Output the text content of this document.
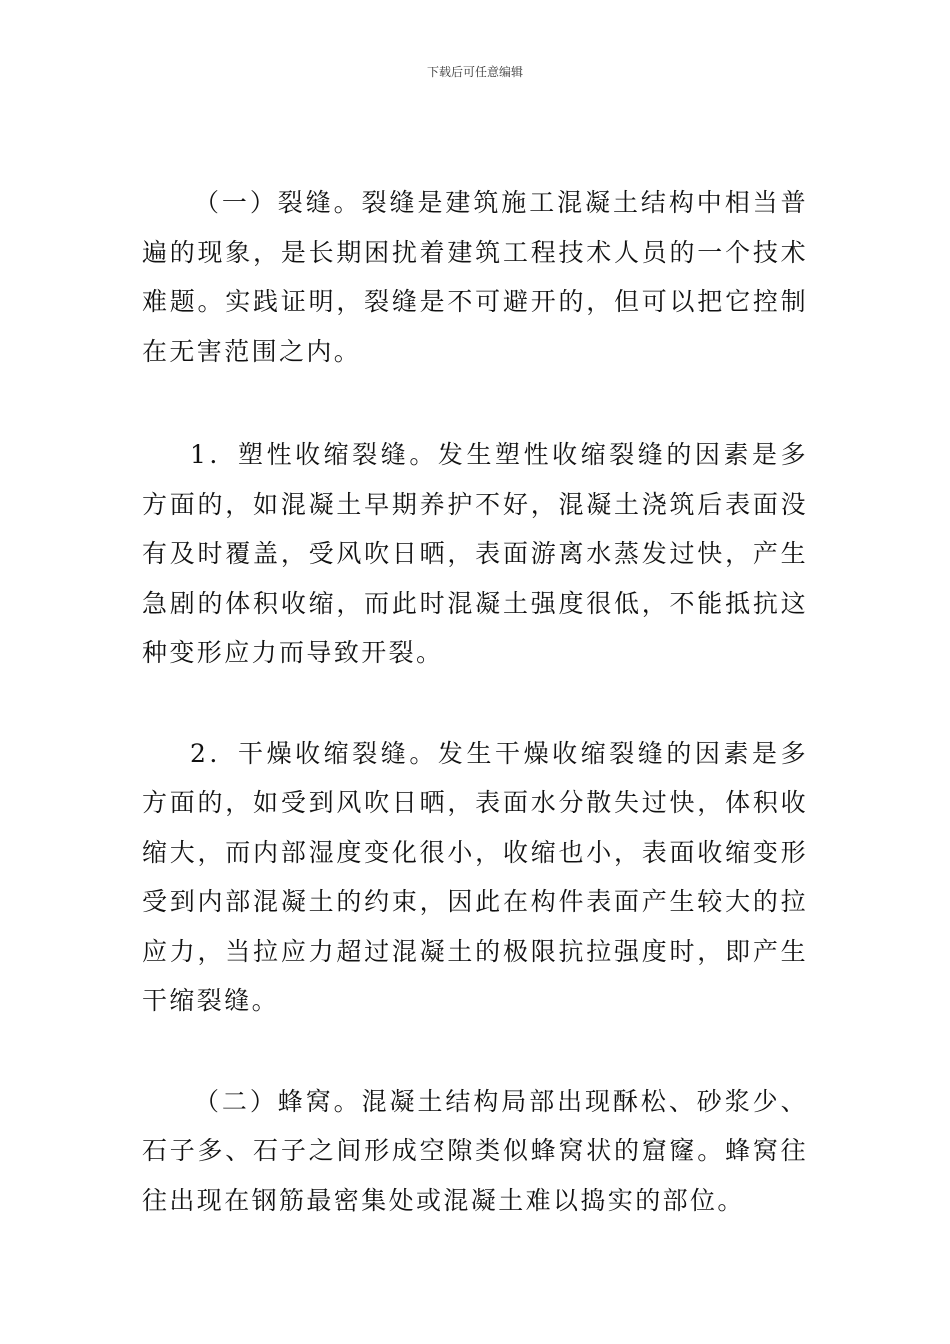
下载后可任意编辑

（一）裂缝。裂缝是建筑施工混凝土结构中相当普遍的现象，是长期困扰着建筑工程技术人员的一个技术难题。实践证明，裂缝是不可避开的，但可以把它控制在无害范围之内。

1．塑性收缩裂缝。发生塑性收缩裂缝的因素是多方面的，如混凝土早期养护不好，混凝土浇筑后表面没有及时覆盖，受风吹日晒，表面游离水蒸发过快，产生急剧的体积收缩，而此时混凝土强度很低，不能抵抗这种变形应力而导致开裂。

2．干燥收缩裂缝。发生干燥收缩裂缝的因素是多方面的，如受到风吹日晒，表面水分散失过快，体积收缩大，而内部湿度变化很小，收缩也小，表面收缩变形受到内部混凝土的约束，因此在构件表面产生较大的拉应力，当拉应力超过混凝土的极限抗拉强度时，即产生干缩裂缝。

（二）蜂窝。混凝土结构局部出现酥松、砂浆少、石子多、石子之间形成空隙类似蜂窝状的窟窿。蜂窝往往出现在钢筋最密集处或混凝土难以捣实的部位。
